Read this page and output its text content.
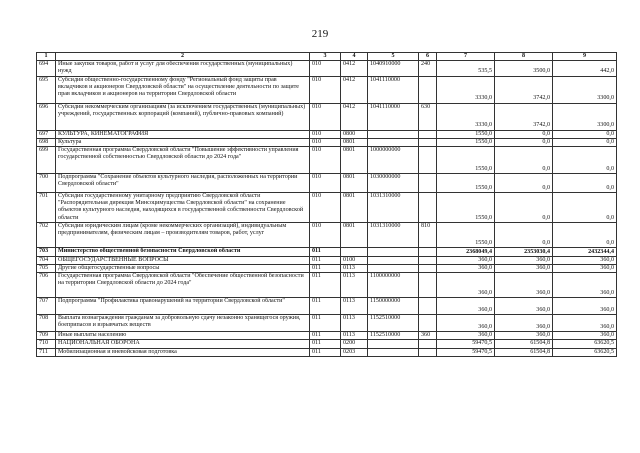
219
1	2	3	4	5	6	7	8	9
694	Иные закупки товаров, работ и услуг для обеспечения государственных (муниципальных) нужд	010	0412	1040910000	240	535,5	3500,0	442,0
695	Субсидия общественно-государственному фонду "Региональный фонд защиты прав вкладчиков и акционеров Свердловской области" на осуществление деятельности по защите прав вкладчиков и акционеров на территории Свердловской области	010	0412	1041110000		3330,0	3742,0	3300,0
696	Субсидии некоммерческим организациям (за исключением государственных (муниципальных) учреждений, государственных корпораций (компаний), публично-правовых компаний)	010	0412	1041110000	630	3330,0	3742,0	3300,0
697	КУЛЬТУРА, КИНЕМАТОГРАФИЯ	010	0800			1550,0	0,0	0,0
698	Культура	010	0801			1550,0	0,0	0,0
699	Государственная программа Свердловской области "Повышение эффективности управления государственной собственностью Свердловской области до 2024 года"	010	0801	1000000000		1550,0	0,0	0,0
700	Подпрограмма "Сохранение объектов культурного наследия, расположенных на территории Свердловской области"	010	0801	1030000000		1550,0	0,0	0,0
701	Субсидия государственному унитарному предприятию Свердловской области "Распорядительная дирекция Минсоцимущества Свердловской области" на сохранение объектов культурного наследия, находящихся в государственной собственности Свердловской области	010	0801	1031310000		1550,0	0,0	0,0
702	Субсидии юридическим лицам (кроме некоммерческих организаций), индивидуальным предпринимателям, физическим лицам – производителям товаров, работ, услуг	010	0801	1031310000	810	1550,0	0,0	0,0
703	Министерство общественной безопасности Свердловской области	011				2368049,4	2353030,4	2432344,4
704	ОБЩЕГОСУДАРСТВЕННЫЕ ВОПРОСЫ	011	0100			360,0	360,0	360,0
705	Другие общегосударственные вопросы	011	0113			360,0	360,0	360,0
706	Государственная программа Свердловской области "Обеспечение общественной безопасности на территории Свердловской области до 2024 года"	011	0113	1100000000		360,0	360,0	360,0
707	Подпрограмма "Профилактика правонарушений на территории Свердловской области"	011	0113	1150000000		360,0	360,0	360,0
708	Выплата вознаграждения гражданам за добровольную сдачу незаконно хранящегося оружия, боеприпасов и взрывчатых веществ	011	0113	1152510000		360,0	360,0	360,0
709	Иные выплаты населению	011	0113	1152510000	360	360,0	360,0	360,0
710	НАЦИОНАЛЬНАЯ ОБОРОНА	011	0200			59470,5	61504,8	63620,5
711	Мобилизационная и вневойсковая подготовка	011	0203			59470,5	61504,8	63620,5
